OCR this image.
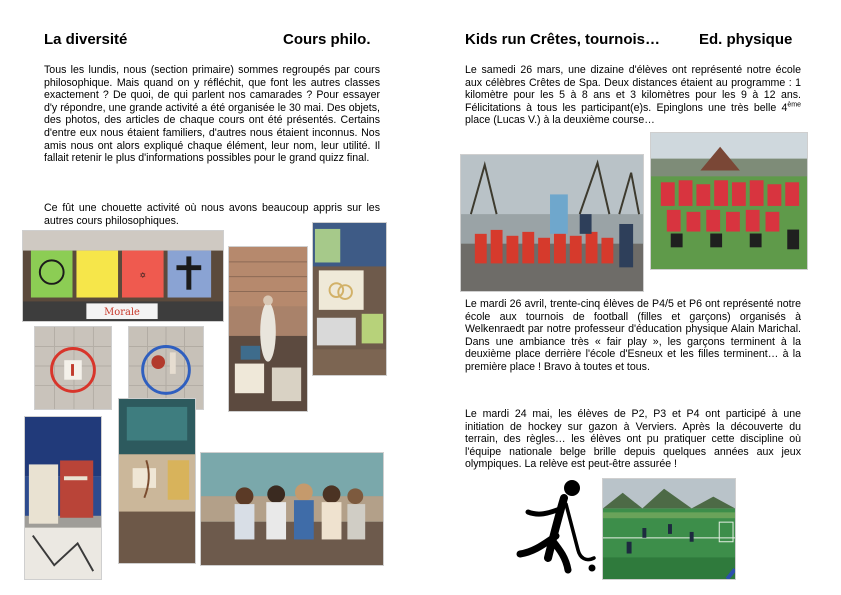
La diversité	Cours philo.
Tous les lundis, nous (section primaire) sommes regroupés par cours philosophique. Mais quand on y réfléchit, que font les autres classes exactement ? De quoi, de qui parlent nos camarades ? Pour essayer d'y répondre, une grande activité a été organisée le 30 mai. Des objets, des photos, des articles de chaque cours ont été présentés. Certains d'entre eux nous étaient familiers, d'autres nous étaient inconnus. Nos amis nous ont alors expliqué chaque élément, leur nom, leur utilité. Il fallait retenir le plus d'informations possibles pour le grand quizz final.
Ce fût une chouette activité où nous avons beaucoup appris sur les autres cours philosophiques.
✡
Morale
Kids run Crêtes, tournois…	Ed. physique
Le samedi 26 mars, une dizaine d'élèves ont représenté notre école aux célèbres Crêtes de Spa. Deux distances étaient au programme : 1 kilomètre pour les 5 à 8 ans et 3 kilomètres pour les 9 à 12 ans. Félicitations à tous les participant(e)s. Epinglons une très belle 4ème place (Lucas V.) à la deuxième course…
Le mardi 26 avril, trente-cinq élèves de P4/5 et P6 ont représenté notre école aux tournois de football (filles et garçons) organisés à Welkenraedt par notre professeur d'éducation physique Alain Marichal. Dans une ambiance très « fair play », les garçons terminent à la deuxième place derrière l'école d'Esneux et les filles terminent… à la première place ! Bravo à toutes et tous.
Le mardi 24 mai, les élèves de P2, P3 et P4 ont participé à une initiation de hockey sur gazon à Verviers. Après la découverte du terrain, des règles… les élèves ont pu pratiquer cette discipline où l'équipe nationale belge brille depuis quelques années aux jeux olympiques. La relève est peut-être assurée !
